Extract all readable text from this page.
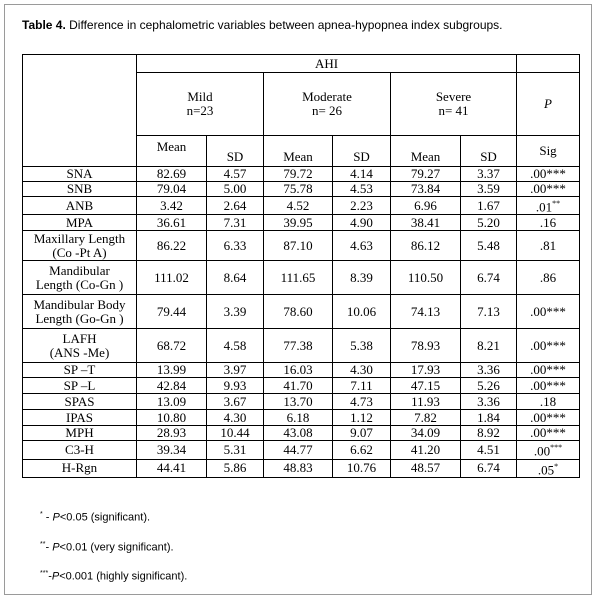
Table 4. Difference in cephalometric variables between apnea-hypopnea index subgroups.
	AHI						

	Mild
n=23		Moderate
n= 26		Severe
n= 41		P
	Mean	SD	Mean	SD	Mean	SD	Sig

SNA	82.69	4.57	79.72	4.14	79.27	3.37	.00***

SNB	79.04	5.00	75.78	4.53	73.84	3.59	.00***

ANB	3.42	2.64	4.52	2.23	6.96	1.67	.01**

MPA	36.61	7.31	39.95	4.90	38.41	5.20	.16

Maxillary Length
(Co -Pt A)	86.22	6.33	87.10	4.63	86.12	5.48	.81

Mandibular
Length (Co-Gn )	111.02	8.64	111.65	8.39	110.50	6.74	.86

Mandibular Body
Length (Go-Gn )	79.44	3.39	78.60	10.06	74.13	7.13	.00***

LAFH
(ANS -Me)	68.72	4.58	77.38	5.38	78.93	8.21	.00***

SP –T	13.99	3.97	16.03	4.30	17.93	3.36	.00***

SP –L	42.84	9.93	41.70	7.11	47.15	5.26	.00***

SPAS	13.09	3.67	13.70	4.73	11.93	3.36	.18

IPAS	10.80	4.30	6.18	1.12	7.82	1.84	.00***

MPH	28.93	10.44	43.08	9.07	34.09	8.92	.00***

C3-H	39.34	5.31	44.77	6.62	41.20	4.51	.00***

H-Rgn	44.41	5.86	48.83	10.76	48.57	6.74	.05*
* - P<0.05 (significant).
**- P<0.01 (very significant).
***-P<0.001 (highly significant).
